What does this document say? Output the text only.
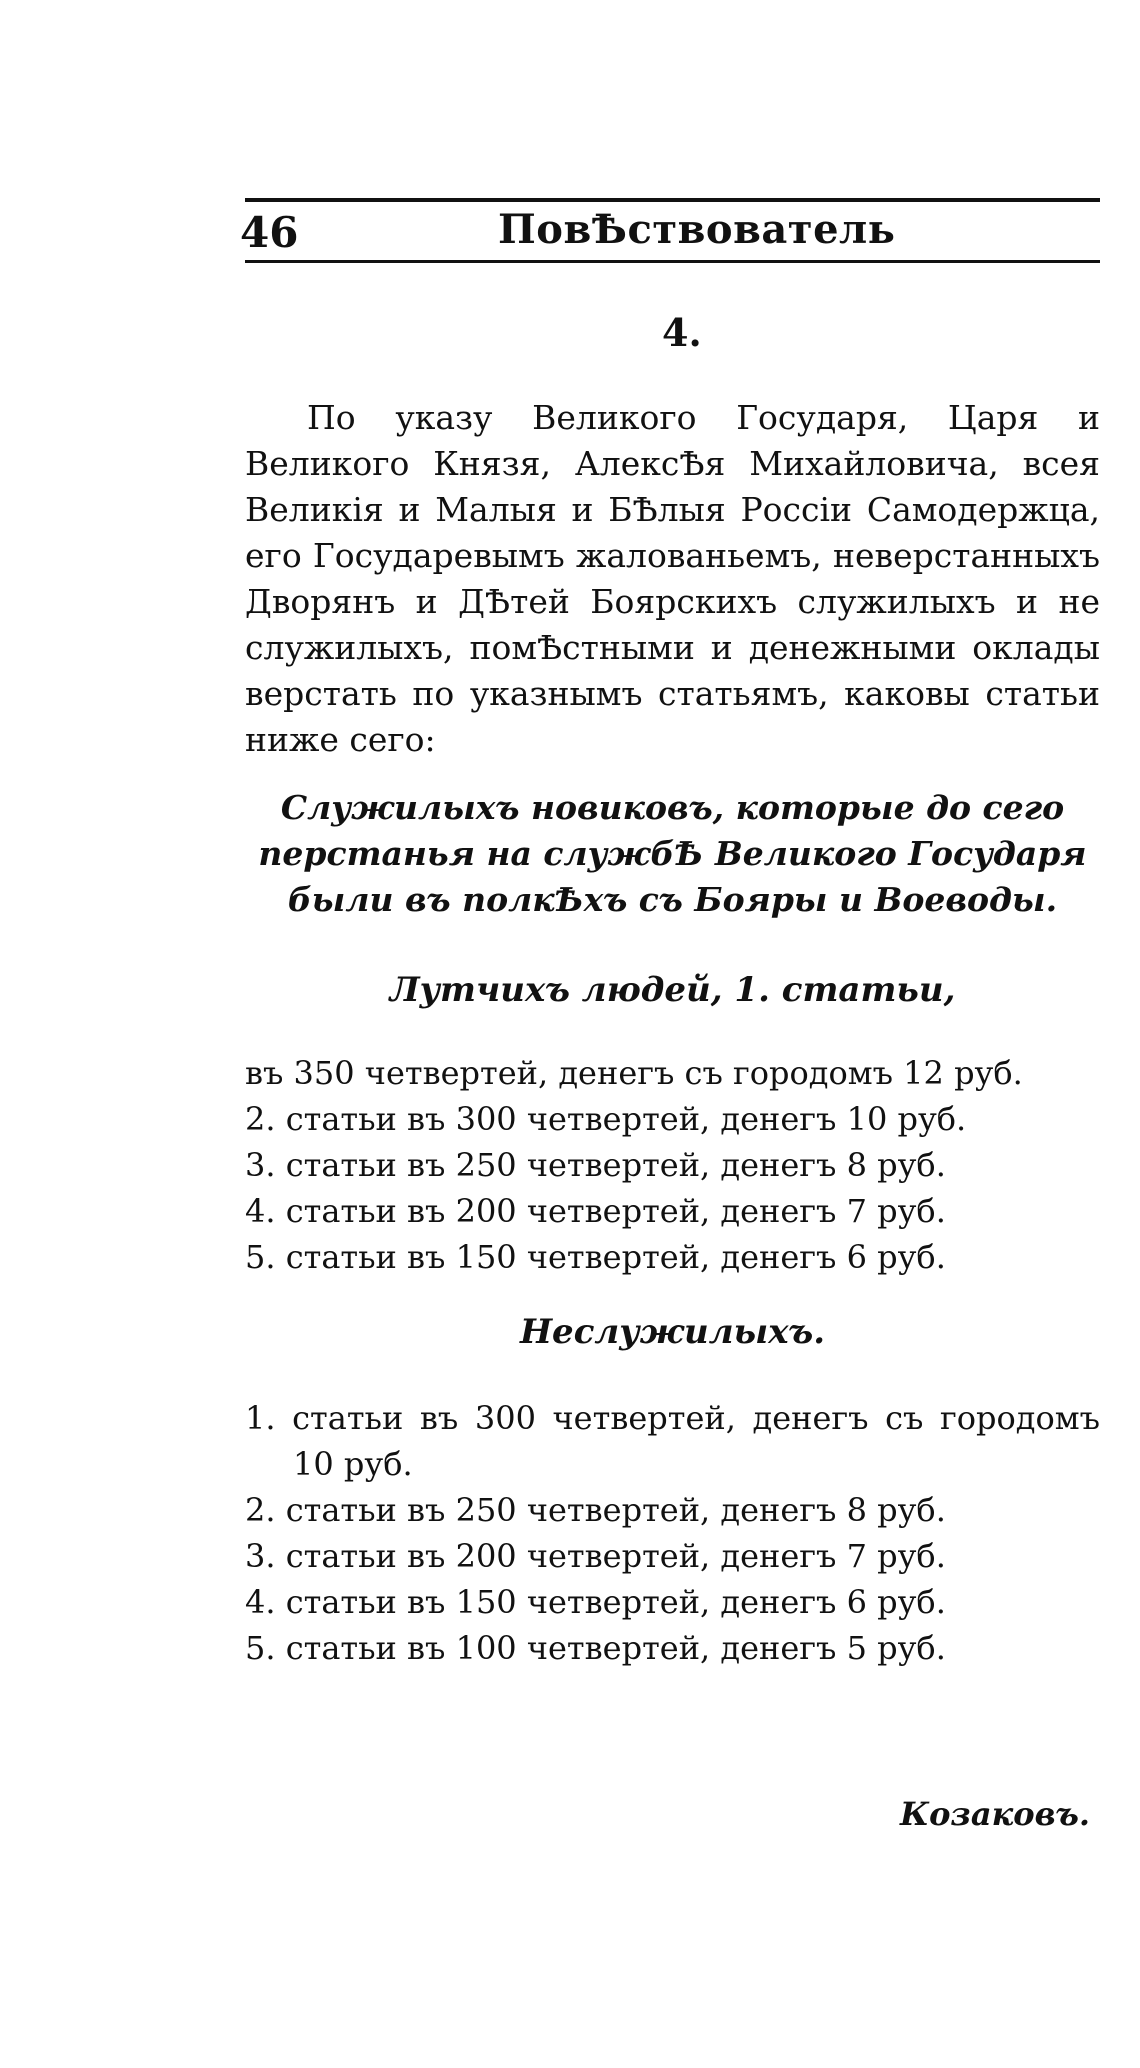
46	ПовѢствователь
4.

По указу Великого Государя, Царя и Великого Князя, АлексѢя Михайловича, всея Великiя и Малыя и БѢлыя Россiи Самодержца, его Государевымъ жалованьемъ, неверстанныхъ Дворянъ и ДѢтей Боярскихъ служилыхъ и не служилыхъ, помѢстными и денежными оклады верстать по указнымъ статьямъ, каковы статьи ниже сего:

Служилыхъ новиковъ, которые до сего перстанья на службѢ Великого Государя были въ полкѢхъ съ Бояры и Воеводы.

Лутчихъ людей, 1. статьи,
въ 350 четвертей, денегъ съ городомъ 12 руб.
2. статьи въ 300 четвертей, денегъ 10 руб.
3. статьи въ 250 четвертей, денегъ 8 руб.
4. статьи въ 200 четвертей, денегъ 7 руб.
5. статьи въ 150 четвертей, денегъ 6 руб.
Неслужилыхъ.
1. статьи въ 300 четвертей, денегъ съ городомъ 10 руб.
2. статьи въ 250 четвертей, денегъ 8 руб.
3. статьи въ 200 четвертей, денегъ 7 руб.
4. статьи въ 150 четвертей, денегъ 6 руб.
5. статьи въ 100 четвертей, денегъ 5 руб.
Козаковъ.
